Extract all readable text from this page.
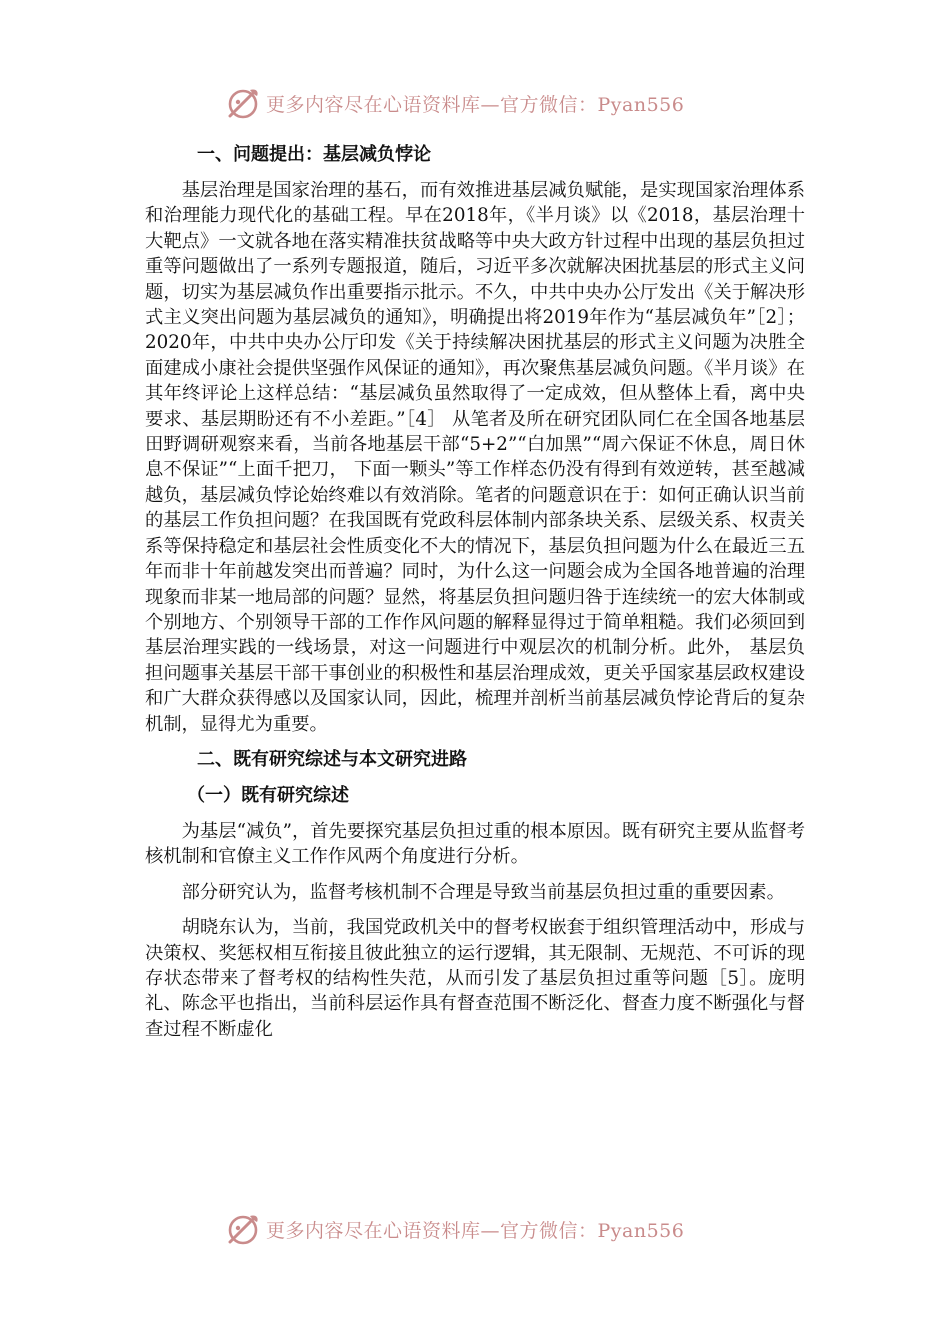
更多内容尽在心语资料库—官方微信：Pyan556
一、问题提出：基层减负悖论

基层治理是国家治理的基石，而有效推进基层减负赋能，是实现国家治理体系和治理能力现代化的基础工程。早在2018年，《半月谈》以《2018，基层治理十大靶点》一文就各地在落实精准扶贫战略等中央大政方针过程中出现的基层负担过重等问题做出了一系列专题报道，随后，习近平多次就解决困扰基层的形式主义问题，切实为基层减负作出重要指示批示。不久，中共中央办公厅发出《关于解决形式主义突出问题为基层减负的通知》，明确提出将2019年作为“基层减负年”［2］；2020年，中共中央办公厅印发《关于持续解决困扰基层的形式主义问题为决胜全面建成小康社会提供坚强作风保证的通知》，再次聚焦基层减负问题。《半月谈》在其年终评论上这样总结：“基层减负虽然取得了一定成效，但从整体上看，离中央要求、基层期盼还有不小差距。”［4］ 从笔者及所在研究团队同仁在全国各地基层田野调研观察来看，当前各地基层干部“5+2”“白加黑”“周六保证不休息，周日休息不保证”“上面千把刀， 下面一颗头”等工作样态仍没有得到有效逆转，甚至越减越负，基层减负悖论始终难以有效消除。笔者的问题意识在于：如何正确认识当前的基层工作负担问题？在我国既有党政科层体制内部条块关系、层级关系、权责关系等保持稳定和基层社会性质变化不大的情况下，基层负担问题为什么在最近三五年而非十年前越发突出而普遍？同时，为什么这一问题会成为全国各地普遍的治理现象而非某一地局部的问题？显然，将基层负担问题归咎于连续统一的宏大体制或个别地方、个别领导干部的工作作风问题的解释显得过于简单粗糙。我们必须回到基层治理实践的一线场景，对这一问题进行中观层次的机制分析。此外， 基层负担问题事关基层干部干事创业的积极性和基层治理成效，更关乎国家基层政权建设和广大群众获得感以及国家认同，因此，梳理并剖析当前基层减负悖论背后的复杂机制，显得尤为重要。

二、既有研究综述与本文研究进路
（一）既有研究综述

为基层“减负”，首先要探究基层负担过重的根本原因。既有研究主要从监督考核机制和官僚主义工作作风两个角度进行分析。

部分研究认为，监督考核机制不合理是导致当前基层负担过重的重要因素。

胡晓东认为，当前，我国党政机关中的督考权嵌套于组织管理活动中，形成与决策权、奖惩权相互衔接且彼此独立的运行逻辑，其无限制、无规范、不可诉的现存状态带来了督考权的结构性失范，从而引发了基层负担过重等问题［5］。庞明礼、陈念平也指出，当前科层运作具有督查范围不断泛化、督查力度不断强化与督查过程不断虚化

更多内容尽在心语资料库—官方微信：Pyan556
